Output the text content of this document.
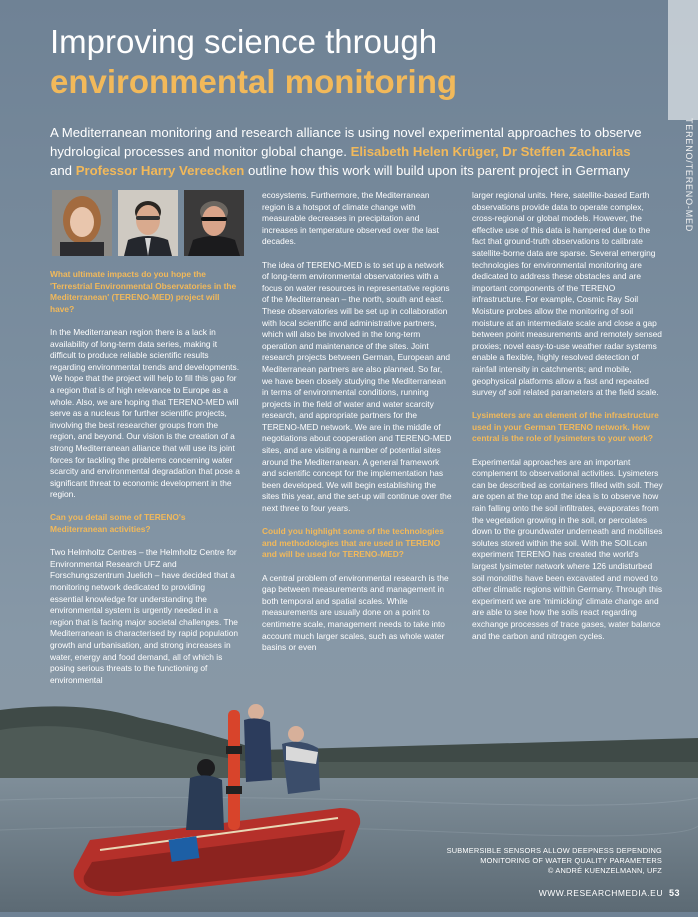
Improving science through
environmental monitoring
TERENO/TERENO-MED
A Mediterranean monitoring and research alliance is using novel experimental approaches to observe hydrological processes and monitor global change. Elisabeth Helen Krüger, Dr Steffen Zacharias
and Professor Harry Vereecken outline how this work will build upon its parent project in Germany

What ultimate impacts do you hope the 'Terrestrial Environmental Observatories in the Mediterranean' (TERENO-MED) project will have?

In the Mediterranean region there is a lack in availability of long-term data series, making it difficult to produce reliable scientific results regarding environmental trends and developments. We hope that the project will help to fill this gap for a region that is of high relevance to Europe as a whole. Also, we are hoping that TERENO-MED will serve as a nucleus for further scientific projects, involving the best researcher groups from the region, and beyond. Our vision is the creation of a strong Mediterranean alliance that will use its joint forces for tackling the problems concerning water scarcity and environmental degradation that pose a significant threat to economic development in the region.

Can you detail some of TERENO's Mediterranean activities?

Two Helmholtz Centres – the Helmholtz Centre for Environmental Research UFZ and Forschungszentrum Juelich – have decided that a monitoring network dedicated to providing essential knowledge for understanding the environmental system is urgently needed in a region that is facing major societal challenges. The Mediterranean is characterised by rapid population growth and urbanisation, and strong increases in water, energy and food demand, all of which is posing serious threats to the functioning of environmental

ecosystems. Furthermore, the Mediterranean region is a hotspot of climate change with measurable decreases in precipitation and increases in temperature observed over the last decades.

The idea of TERENO-MED is to set up a network of long-term environmental observatories with a focus on water resources in representative regions of the Mediterranean – the north, south and east. These observatories will be set up in collaboration with local scientific and administrative partners, which will also be involved in the long-term operation and maintenance of the sites. Joint research projects between German, European and Mediterranean partners are also planned. So far, we have been closely studying the Mediterranean in terms of environmental conditions, running projects in the field of water and water scarcity research, and appropriate partners for the TERENO-MED network. We are in the middle of negotiations about cooperation and TERENO-MED sites, and are visiting a number of potential sites around the Mediterranean. A general framework and scientific concept for the implementation has been developed. We will begin establishing the sites this year, and the set-up will continue over the next three to four years.

Could you highlight some of the technologies and methodologies that are used in TERENO and will be used for TERENO-MED?

A central problem of environmental research is the gap between measurements and management in both temporal and spatial scales. While measurements are usually done on a point to centimetre scale, management needs to take into account much larger scales, such as whole water basins or even

larger regional units. Here, satellite-based Earth observations provide data to operate complex, cross-regional or global models. However, the effective use of this data is hampered due to the fact that ground-truth observations to calibrate satellite-borne data are sparse. Several emerging technologies for environmental monitoring are dedicated to address these obstacles and are important components of the TERENO infrastructure. For example, Cosmic Ray Soil Moisture probes allow the monitoring of soil moisture at an intermediate scale and close a gap between point measurements and remotely sensed proxies; novel easy-to-use weather radar systems enable a flexible, highly resolved detection of rainfall intensity in catchments; and mobile, geophysical platforms allow a fast and repeated survey of soil related parameters at the field scale.

Lysimeters are an element of the infrastructure used in your German TERENO network. How central is the role of lysimeters to your work?

Experimental approaches are an important complement to observational activities. Lysimeters can be described as containers filled with soil. They are open at the top and the idea is to observe how rain falling onto the soil infiltrates, evaporates from the vegetation growing in the soil, or percolates down to the groundwater underneath and mobilises solutes stored within the soil. With the SOILcan experiment TERENO has created the world's largest lysimeter network where 126 undisturbed soil monoliths have been excavated and moved to other climatic regions within Germany. Through this experiment we are 'mimicking' climate change and are able to see how the soils react regarding exchange processes of trace gases, water balance and the carbon and nitrogen cycles.

SUBMERSIBLE SENSORS ALLOW DEEPNESS DEPENDING
MONITORING OF WATER QUALITY PARAMETERS
© ANDRÉ KUENZELMANN, UFZ
WWW.RESEARCHMEDIA.EU 53
